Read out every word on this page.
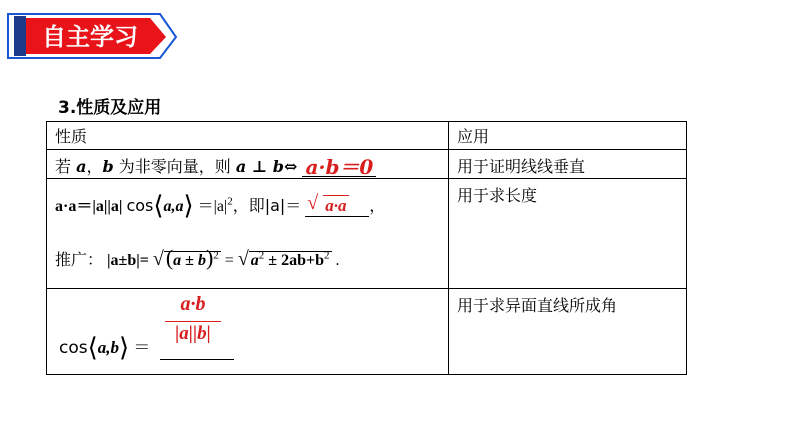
自主学习
3.性质及应用
性质	应用

若 a，b 为非零向量，则 a ⊥ b⇔ a·b＝0	用于证明线线垂直

a·a＝|a||a| cos⟨a,a⟩ $=|a|^2$，即|a|＝ √ a·a ，
推广： $|a\pm b|= √(a \pm b)^2$ = √ $a^2 \pm 2ab+b^2$ .	用于求长度

cos⟨a,b⟩ ＝
a·b
|a||b|	用于求异面直线所成角
